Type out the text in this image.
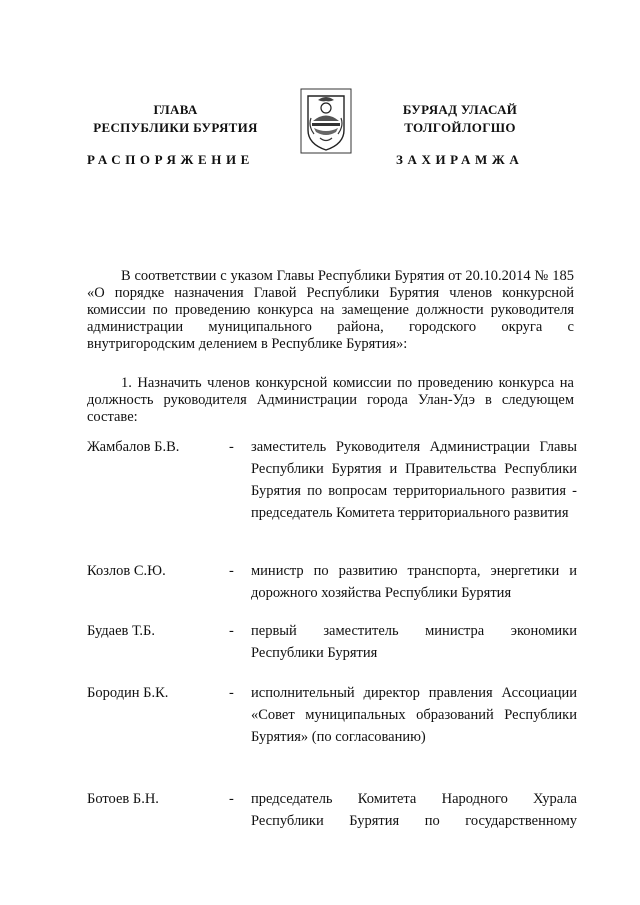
ГЛАВА
РЕСПУБЛИКИ БУРЯТИЯ
РАСПОРЯЖЕНИЕ
БУРЯАД УЛАСАЙ
ТОЛГОЙЛОГШО
ЗАХИРАМЖА
В соответствии с указом Главы Республики Бурятия от 20.10.2014 № 185 «О порядке назначения Главой Республики Бурятия членов конкурсной комиссии по проведению конкурса на замещение должности руководителя администрации муниципального района, городского округа с внутригородским делением в Республике Бурятия»:
1. Назначить членов конкурсной комиссии по проведению конкурса на должность руководителя Администрации города Улан-Удэ в следующем составе:
Жамбалов Б.В.	- заместитель Руководителя Администрации Главы Республики Бурятия и Правительства Республики Бурятия по вопросам территориального развития - председатель Комитета территориального развития
Козлов С.Ю.	- министр по развитию транспорта, энергетики и дорожного хозяйства Республики Бурятия
Будаев Т.Б.	- первый заместитель министра экономики Республики Бурятия
Бородин Б.К.	- исполнительный директор правления Ассоциации «Совет муниципальных образований Республики Бурятия» (по согласованию)
Ботоев Б.Н.	- председатель Комитета Народного Хурала Республики Бурятия по государственному
